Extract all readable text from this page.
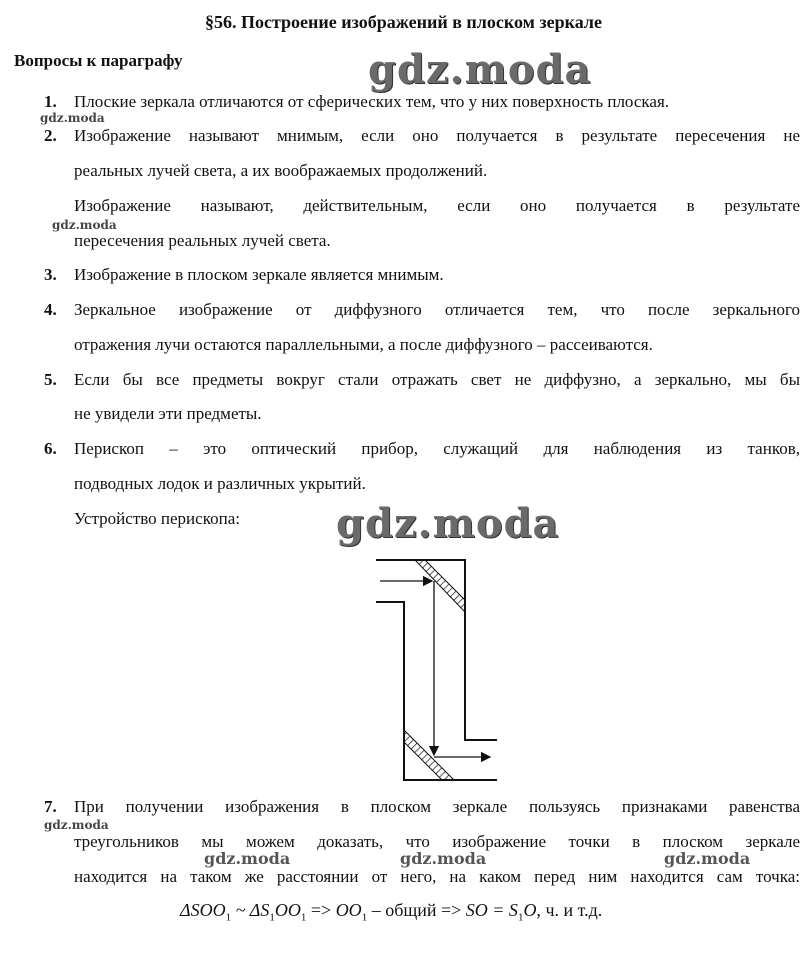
§56. Построение изображений в плоском зеркале
Вопросы к параграфу	gdz.moda
gdz.moda
gdz.moda
gdz.moda
gdz.moda
gdz.moda	gdz.moda	gdz.moda
1. Плоские зеркала отличаются от сферических тем, что у них поверхность плоская.
2. Изображение называют мнимым, если оно получается в результате пересечения не
реальных лучей света, а их воображаемых продолжений.
Изображение называют, действительным, если оно получается в результате
пересечения реальных лучей света.
3. Изображение в плоском зеркале является мнимым.
4. Зеркальное изображение от диффузного отличается тем, что после зеркального
отражения лучи остаются параллельными, а после диффузного – рассеиваются.
5. Если бы все предметы вокруг стали отражать свет не диффузно, а зеркально, мы бы
не увидели эти предметы.
6. Перископ – это оптический прибор, служащий для наблюдения из танков,
подводных лодок и различных укрытий.
Устройство перископа:
7. При получении изображения в плоском зеркале пользуясь признаками равенства
треугольников мы можем доказать, что изображение точки в плоском зеркале
находится на таком же расстоянии от него, на каком перед ним находится сам точка:
$\Delta SOO_1$ ~ $\Delta S_1OO_1 => OO_1$ – общий => SO = $S_1O$, ч. и т.д.
